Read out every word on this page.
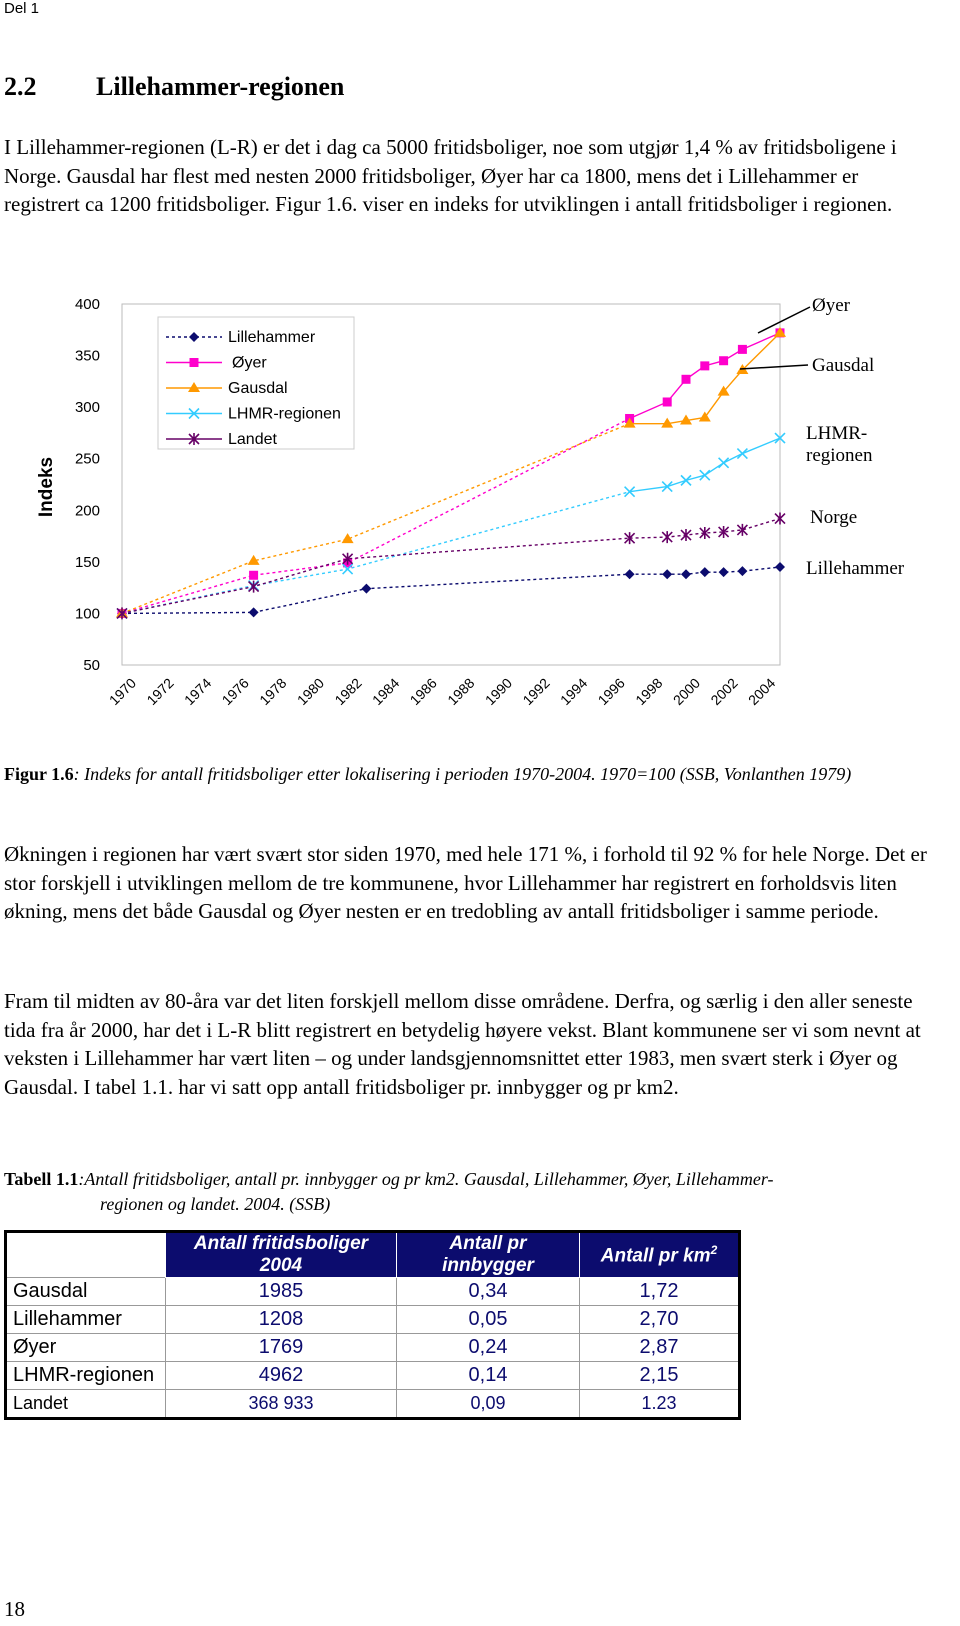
Del 1
2.2 Lillehammer-regionen
I Lillehammer-regionen (L-R) er det i dag ca 5000 fritidsboliger, noe som utgjør 1,4 % av fritidsboligene i Norge. Gausdal har flest med nesten 2000 fritidsboliger, Øyer har ca 1800, mens det i Lillehammer er registrert ca 1200 fritidsboliger. Figur 1.6. viser en indeks for utviklingen i antall fritidsboliger i regionen.
400
350
300
250
200
150
100
50
1970 1972 1974 1976 1978 1980 1982 1984 1986 1988 1990 1992 1994 1996 1998 2000 2002 2004
Indeks
Lillehammer
Øyer
Gausdal
LHMR-regionen
Landet
Øyer
Gausdal
LHMR-
regionen
Norge
Lillehammer
Figur 1.6: Indeks for antall fritidsboliger etter lokalisering i perioden 1970-2004. 1970=100 (SSB, Vonlanthen 1979)
Økningen i regionen har vært svært stor siden 1970, med hele 171 %, i forhold til 92 % for hele Norge. Det er stor forskjell i utviklingen mellom de tre kommunene, hvor Lillehammer har registrert en forholdsvis liten økning, mens det både Gausdal og Øyer nesten er en tredobling av antall fritidsboliger i samme periode.
Fram til midten av 80-åra var det liten forskjell mellom disse områdene. Derfra, og særlig i den aller seneste tida fra år 2000, har det i L-R blitt registrert en betydelig høyere vekst. Blant kommunene ser vi som nevnt at veksten i Lillehammer har vært liten – og under landsgjennomsnittet etter 1983, men svært sterk i Øyer og Gausdal. I tabel 1.1. har vi satt opp antall fritidsboliger pr. innbygger og pr km2.
Tabell 1.1:Antall fritidsboliger, antall pr. innbygger og pr km2. Gausdal, Lillehammer, Øyer, Lillehammer-
regionen og landet. 2004. (SSB)
	Antall fritidsboliger 2004	Antall pr innbygger	Antall pr $km^2$
Gausdal	1985	0,34	1,72
Lillehammer	1208	0,05	2,70
Øyer	1769	0,24	2,87
LHMR-regionen	4962	0,14	2,15
Landet	368 933	0,09	1.23
18
